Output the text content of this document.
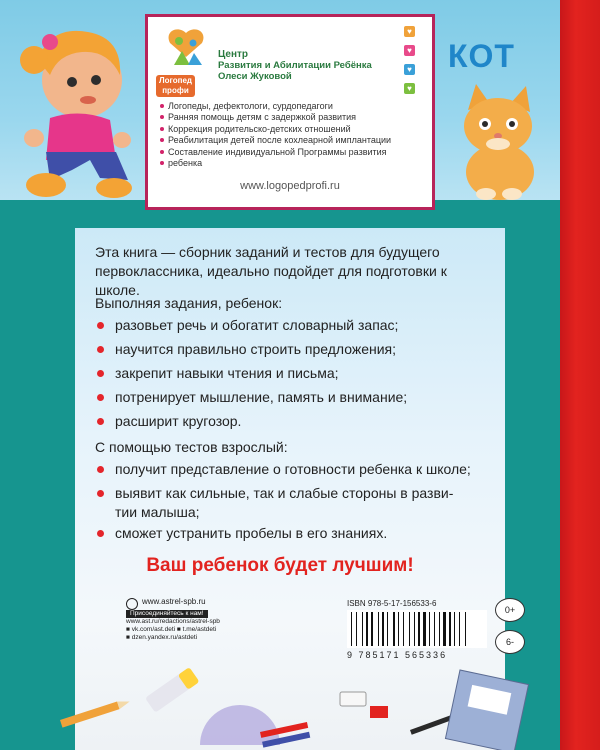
Логопед
профи
Центр
Развития и Абилитации Ребёнка
Олеси Жуковой
Логопеды, дефектологи, сурдопедагоги
Ранняя помощь детям с задержкой развития
Коррекция родительско-детских отношений
Реабилитация детей после кохлеарной имплантации
Составление индивидуальной Программы развития
ребенка
www.logopedprofi.ru
♥
♥
♥
♥
КОТ
Эта книга — сборник заданий и тестов для будущего первоклассника, идеально подойдет для подготовки к школе.
Выполняя задания, ребенок:
разовьет речь и обогатит словарный запас;
научится правильно строить предложения;
закрепит навыки чтения и письма;
потренирует мышление, память и внимание;
расширит кругозор.
С помощью тестов взрослый:
получит представление о готовности ребенка к школе;
выявит как сильные, так и слабые стороны в разви-
тии малыша;
сможет устранить пробелы в его знаниях.
Ваш ребенок будет лучшим!
www.astrel-spb.ru
Присоединяйтесь к нам!
www.ast.ru/redactions/astrel-spb
■ vk.com/ast.deti ■ t.me/astdeti
■ dzen.yandex.ru/astdeti
ISBN 978-5-17-156533-6
9 785171 565336
0+
6-
